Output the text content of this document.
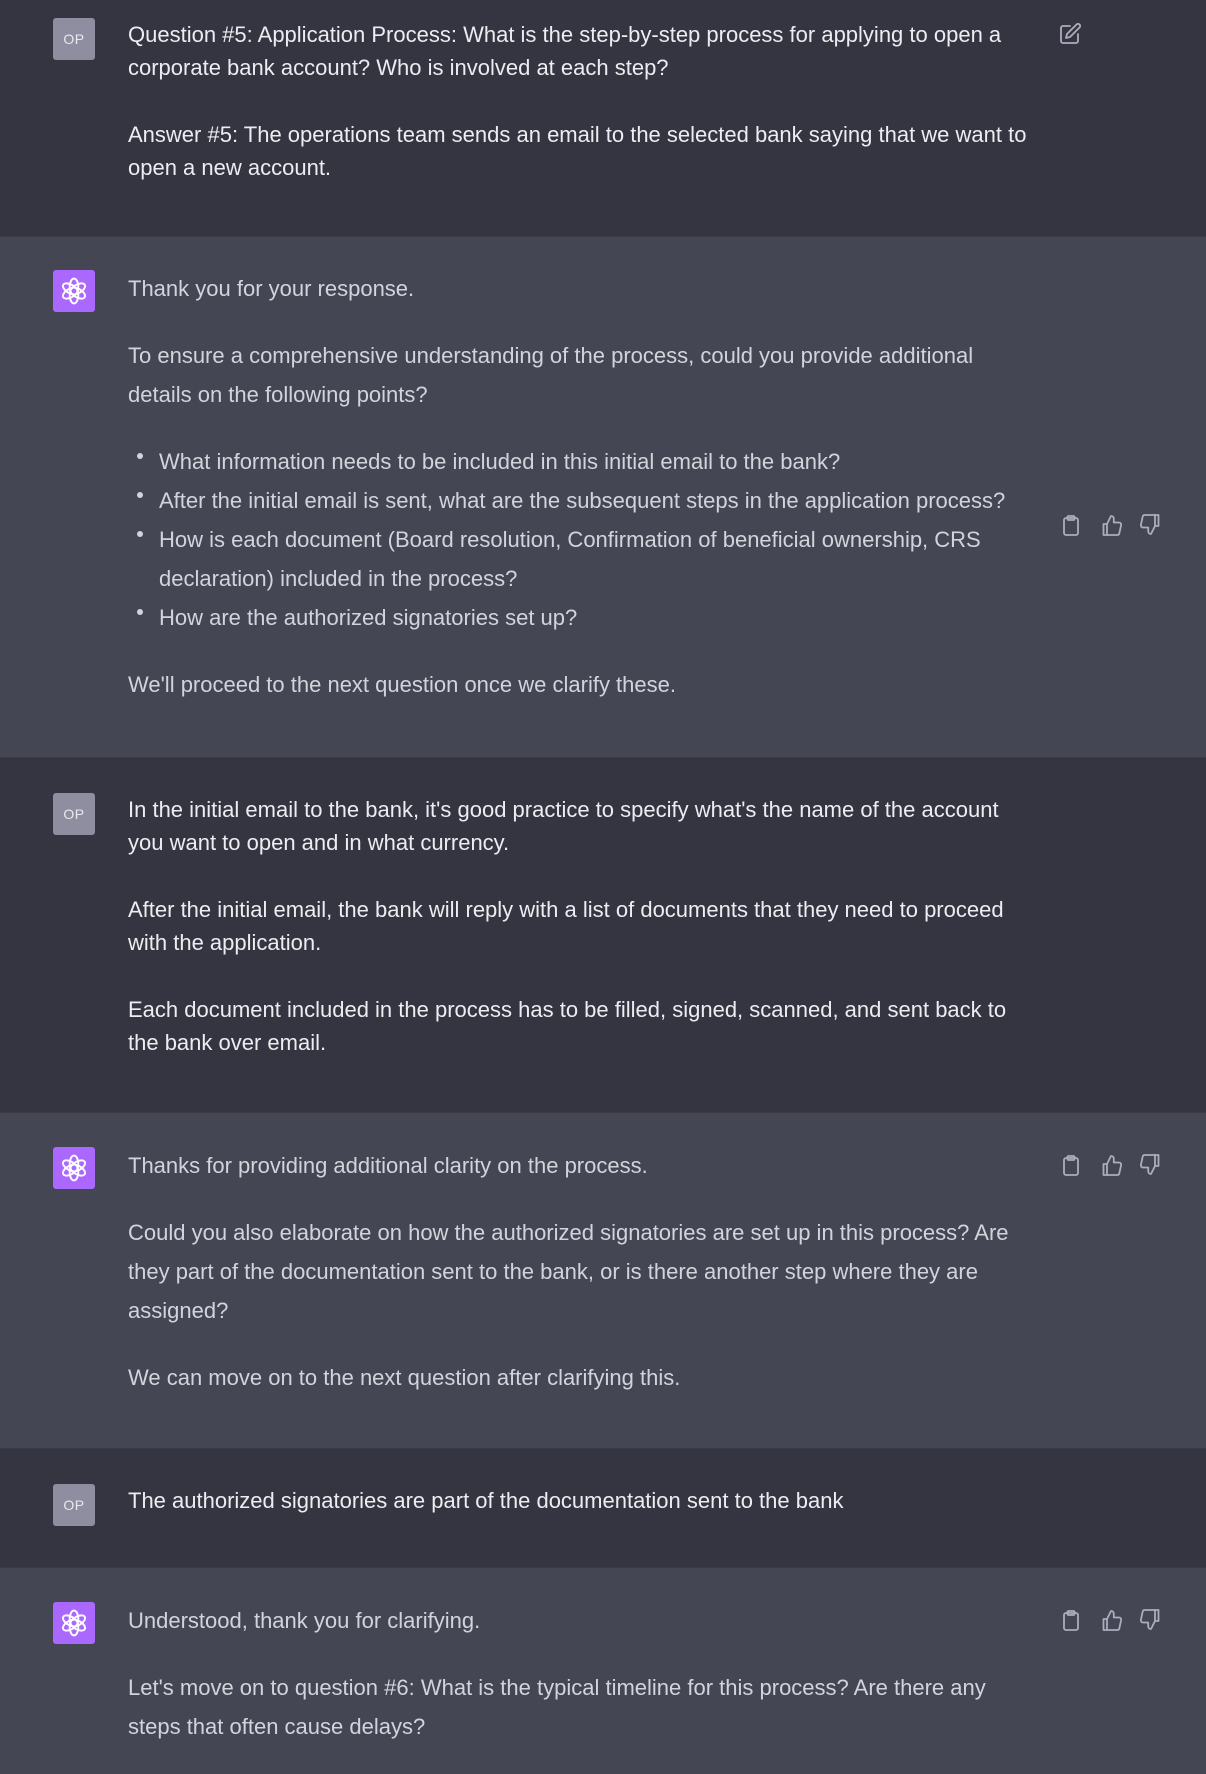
OP	Question #5: Application Process: What is the step-by-step process for applying to open a corporate bank account? Who is involved at each step?

Answer #5: The operations team sends an email to the selected bank saying that we want to open a new account.

Thank you for your response.

To ensure a comprehensive understanding of the process, could you provide additional details on the following points?

What information needs to be included in this initial email to the bank?
After the initial email is sent, what are the subsequent steps in the application process?
How is each document (Board resolution, Confirmation of beneficial ownership, CRS declaration) included in the process?
How are the authorized signatories set up?

We'll proceed to the next question once we clarify these.

OP	In the initial email to the bank, it's good practice to specify what's the name of the account you want to open and in what currency.

After the initial email, the bank will reply with a list of documents that they need to proceed with the application.

Each document included in the process has to be filled, signed, scanned, and sent back to the bank over email.

Thanks for providing additional clarity on the process.

Could you also elaborate on how the authorized signatories are set up in this process? Are they part of the documentation sent to the bank, or is there another step where they are assigned?

We can move on to the next question after clarifying this.

OP	The authorized signatories are part of the documentation sent to the bank

Understood, thank you for clarifying.

Let's move on to question #6: What is the typical timeline for this process? Are there any steps that often cause delays?
